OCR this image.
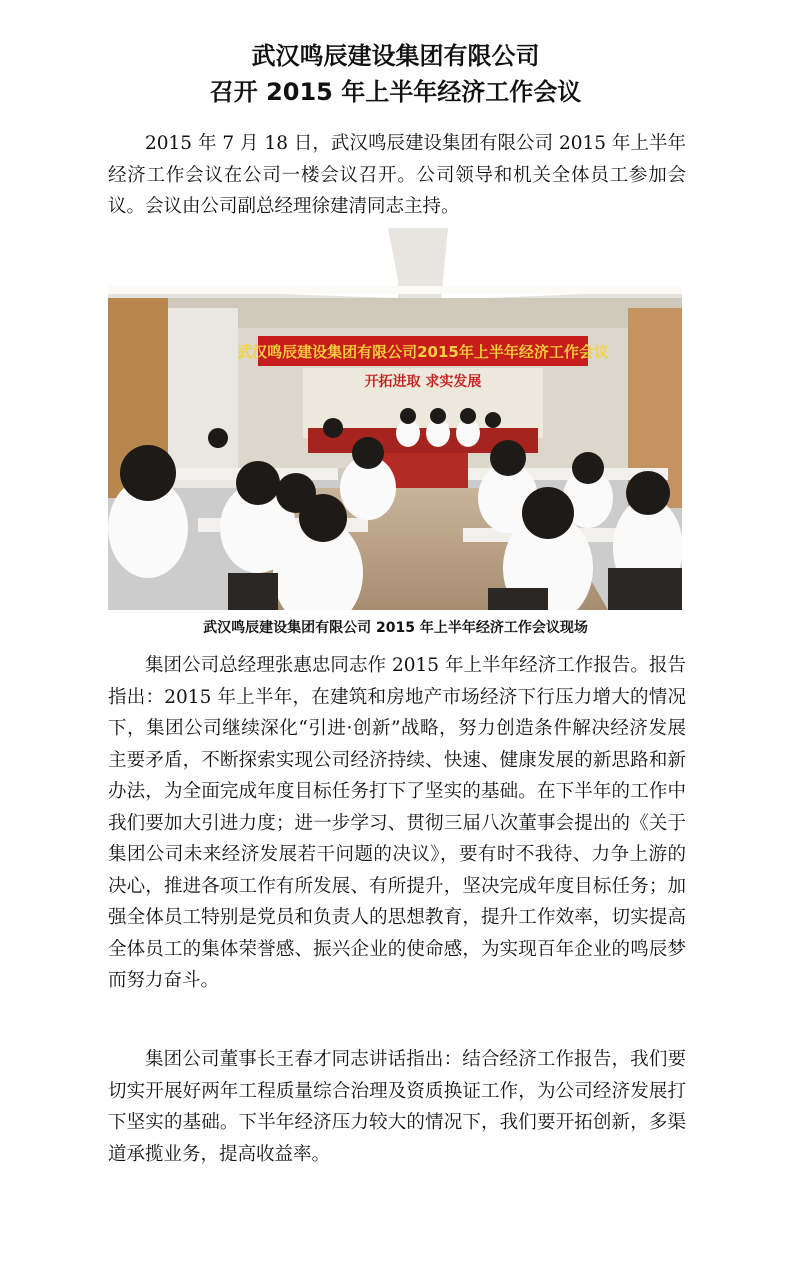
武汉鸣辰建设集团有限公司
召开 2015 年上半年经济工作会议

2015 年 7 月 18 日，武汉鸣辰建设集团有限公司 2015 年上半年经济工作会议在公司一楼会议召开。公司领导和机关全体员工参加会议。会议由公司副总经理徐建清同志主持。

武汉鸣辰建设集团有限公司2015年上半年经济工作会议
开拓进取 求实发展
武汉鸣辰建设集团有限公司 2015 年上半年经济工作会议现场

集团公司总经理张惠忠同志作 2015 年上半年经济工作报告。报告指出：2015 年上半年，在建筑和房地产市场经济下行压力增大的情况下，集团公司继续深化“引进·创新”战略，努力创造条件解决经济发展主要矛盾，不断探索实现公司经济持续、快速、健康发展的新思路和新办法，为全面完成年度目标任务打下了坚实的基础。在下半年的工作中我们要加大引进力度；进一步学习、贯彻三届八次董事会提出的《关于集团公司未来经济发展若干问题的决议》，要有时不我待、力争上游的决心，推进各项工作有所发展、有所提升，坚决完成年度目标任务；加强全体员工特别是党员和负责人的思想教育，提升工作效率，切实提高全体员工的集体荣誉感、振兴企业的使命感，为实现百年企业的鸣辰梦而努力奋斗。

集团公司董事长王春才同志讲话指出：结合经济工作报告，我们要切实开展好两年工程质量综合治理及资质换证工作，为公司经济发展打下坚实的基础。下半年经济压力较大的情况下，我们要开拓创新，多渠道承揽业务，提高收益率。
